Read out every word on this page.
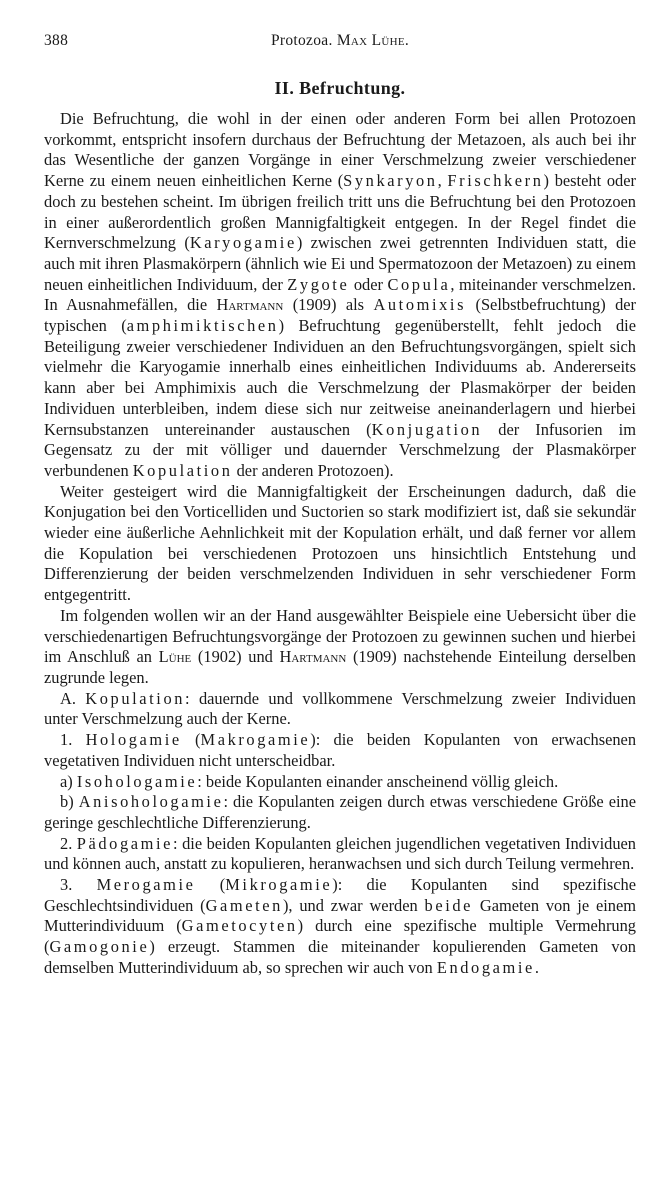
388	Protozoa. Max Lühe.
II. Befruchtung.

Die Befruchtung, die wohl in der einen oder anderen Form bei allen Protozoen vorkommt, entspricht insofern durchaus der Befruchtung der Metazoen, als auch bei ihr das Wesentliche der ganzen Vorgänge in einer Verschmelzung zweier verschiedener Kerne zu einem neuen einheitlichen Kerne (Synkaryon, Frischkern) besteht oder doch zu bestehen scheint. Im übrigen freilich tritt uns die Befruchtung bei den Protozoen in einer außerordentlich großen Mannigfaltigkeit entgegen. In der Regel findet die Kernverschmelzung (Karyogamie) zwischen zwei getrennten Individuen statt, die auch mit ihren Plasmakörpern (ähnlich wie Ei und Spermatozoon der Metazoen) zu einem neuen einheitlichen Individuum, der Zygote oder Copula, miteinander verschmelzen. In Ausnahmefällen, die Hartmann (1909) als Automixis (Selbstbefruchtung) der typischen (amphimiktischen) Befruchtung gegenüberstellt, fehlt jedoch die Beteiligung zweier verschiedener Individuen an den Befruchtungsvorgängen, spielt sich vielmehr die Karyogamie innerhalb eines einheitlichen Individuums ab. Andererseits kann aber bei Amphimixis auch die Verschmelzung der Plasmakörper der beiden Individuen unterbleiben, indem diese sich nur zeitweise aneinanderlagern und hierbei Kernsubstanzen untereinander austauschen (Konjugation der Infusorien im Gegensatz zu der mit völliger und dauernder Verschmelzung der Plasmakörper verbundenen Kopulation der anderen Protozoen).

Weiter gesteigert wird die Mannigfaltigkeit der Erscheinungen dadurch, daß die Konjugation bei den Vorticelliden und Suctorien so stark modifiziert ist, daß sie sekundär wieder eine äußerliche Aehnlichkeit mit der Kopulation erhält, und daß ferner vor allem die Kopulation bei verschiedenen Protozoen uns hinsichtlich Entstehung und Differenzierung der beiden verschmelzenden Individuen in sehr verschiedener Form entgegentritt.

Im folgenden wollen wir an der Hand ausgewählter Beispiele eine Uebersicht über die verschiedenartigen Befruchtungsvorgänge der Protozoen zu gewinnen suchen und hierbei im Anschluß an Lühe (1902) und Hartmann (1909) nachstehende Einteilung derselben zugrunde legen.

A. Kopulation: dauernde und vollkommene Verschmelzung zweier Individuen unter Verschmelzung auch der Kerne.

1. Hologamie (Makrogamie): die beiden Kopulanten von erwachsenen vegetativen Individuen nicht unterscheidbar.

a) Isohologamie: beide Kopulanten einander anscheinend völlig gleich.

b) Anisohologamie: die Kopulanten zeigen durch etwas verschiedene Größe eine geringe geschlechtliche Differenzierung.

2. Pädogamie: die beiden Kopulanten gleichen jugendlichen vegetativen Individuen und können auch, anstatt zu kopulieren, heranwachsen und sich durch Teilung vermehren.

3. Merogamie (Mikrogamie): die Kopulanten sind spezifische Geschlechtsindividuen (Gameten), und zwar werden beide Gameten von je einem Mutterindividuum (Gametocyten) durch eine spezifische multiple Vermehrung (Gamogonie) erzeugt. Stammen die miteinander kopulierenden Gameten von demselben Mutterindividuum ab, so sprechen wir auch von Endogamie.
